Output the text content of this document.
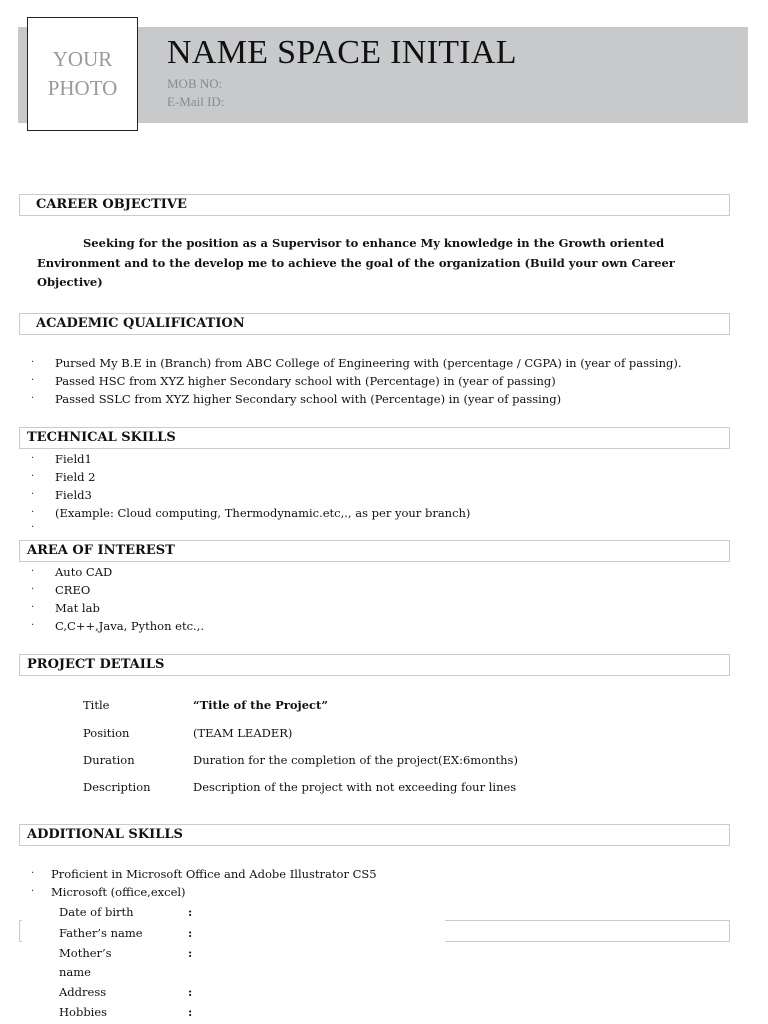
YOUR
PHOTO
NAME SPACE INITIAL
MOB NO:
E-Mail ID:
CAREER OBJECTIVE
Seeking for the position as a Supervisor to enhance My knowledge in the Growth oriented
Environment and to the develop me to achieve the goal of the organization (Build your own Career
Objective)
ACADEMIC QUALIFICATION
· Pursed My B.E in (Branch) from ABC College of Engineering with (percentage / CGPA) in (year of passing).
· Passed HSC from XYZ higher Secondary school with (Percentage) in (year of passing)
· Passed SSLC from XYZ higher Secondary school with (Percentage) in (year of passing)
TECHNICAL SKILLS
· Field1
· Field 2
· Field3
· (Example: Cloud computing, Thermodynamic.etc,., as per your branch)
·
AREA OF INTEREST
· Auto CAD
· CREO
· Mat lab
· C,C++,Java, Python etc.,.
PROJECT DETAILS
Title	“Title of the Project”
Position	(TEAM LEADER)
Duration	Duration for the completion of the project(EX:6months)
Description	Description of the project with not exceeding four lines
ADDITIONAL SKILLS
· Proficient in Microsoft Office and Adobe Illustrator CS5
· Microsoft (office,excel)
Date of birth	:
Father’s name	:
Mother’s name
:
Address	:
Hobbies	:
